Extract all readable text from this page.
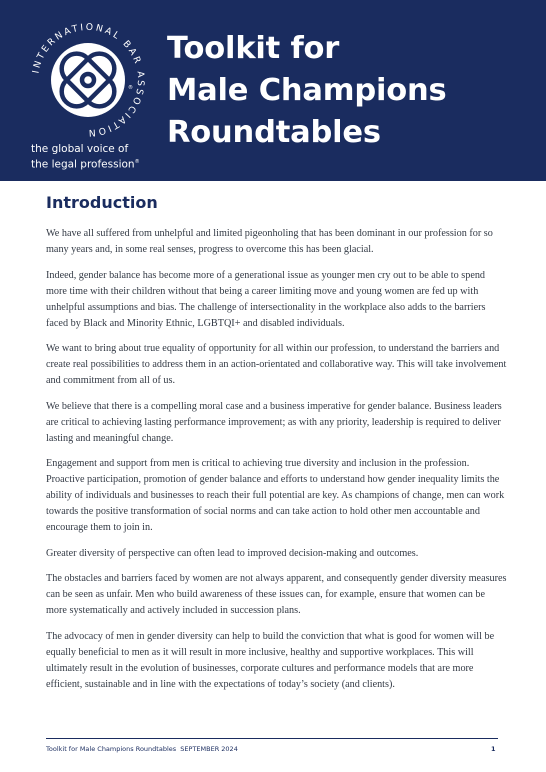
INTERNATIONAL BAR ASSOCIATION
®
the global voice of
the legal profession®
Toolkit for
Male Champions
Roundtables
Introduction

We have all suffered from unhelpful and limited pigeonholing that has been dominant in our profession for so many years and, in some real senses, progress to overcome this has been glacial.

Indeed, gender balance has become more of a generational issue as younger men cry out to be able to spend more time with their children without that being a career limiting move and young women are fed up with unhelpful assumptions and bias. The challenge of intersectionality in the workplace also adds to the barriers faced by Black and Minority Ethnic, LGBTQI+ and disabled individuals.

We want to bring about true equality of opportunity for all within our profession, to understand the barriers and create real possibilities to address them in an action-orientated and collaborative way. This will take involvement and commitment from all of us.

We believe that there is a compelling moral case and a business imperative for gender balance. Business leaders are critical to achieving lasting performance improvement; as with any priority, leadership is required to deliver lasting and meaningful change.

Engagement and support from men is critical to achieving true diversity and inclusion in the profession. Proactive participation, promotion of gender balance and efforts to understand how gender inequality limits the ability of individuals and businesses to reach their full potential are key. As champions of change, men can work towards the positive transformation of social norms and can take action to hold other men accountable and encourage them to join in.

Greater diversity of perspective can often lead to improved decision-making and outcomes.

The obstacles and barriers faced by women are not always apparent, and consequently gender diversity measures can be seen as unfair. Men who build awareness of these issues can, for example, ensure that women can be more systematically and actively included in succession plans.

The advocacy of men in gender diversity can help to build the conviction that what is good for women will be equally beneficial to men as it will result in more inclusive, healthy and supportive workplaces. This will ultimately result in the evolution of businesses, corporate cultures and performance models that are more efficient, sustainable and in line with the expectations of today’s society (and clients).

Toolkit for Male Champions Roundtables SEPTEMBER 2024	1
